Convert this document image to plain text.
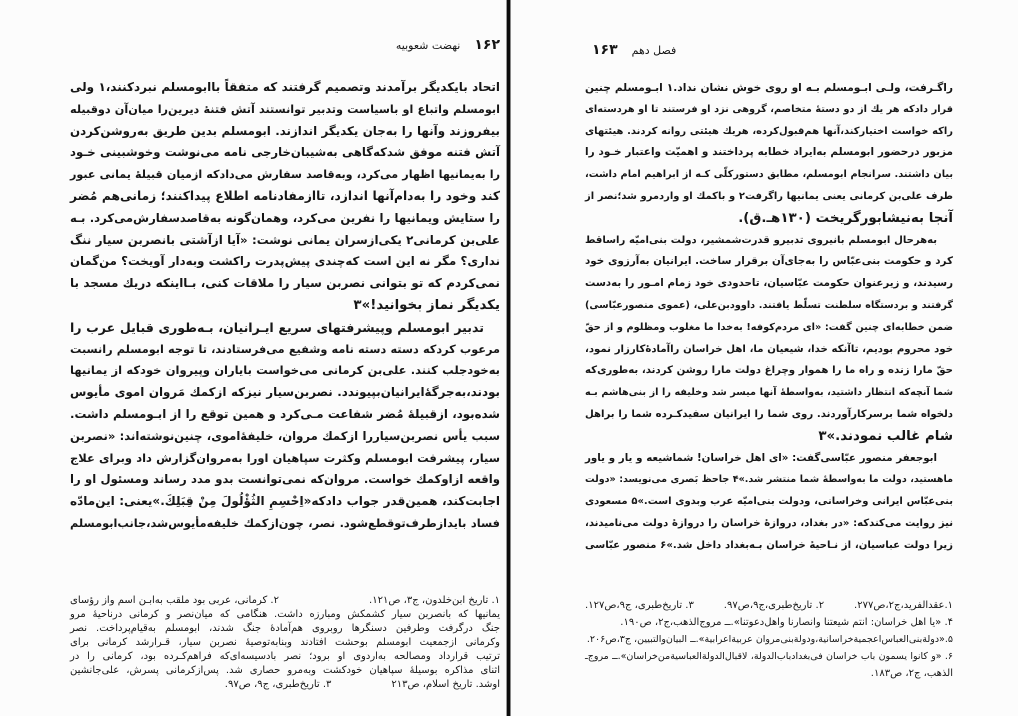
۱۶۲
نهضت شعوبیه
اتحاد بایکدیگر برآمدند وتصمیم گرفتند که متفقاً باابومسلم نبردکنند،۱ ولی
ابومسلم واتباع او باسیاست وتدبیر توانستند آتش فتنهٔ دیرین‌را میان‌آن دوقبیله
بیفروزند وآنها را به‌جان یکدیگر اندازند. ابومسلم بدین طریق به‌روشن‌کردن
آتش فتنه موفق شدکه‌گاهی به‌شیبان‌خارجی نامه می‌نوشت وخوشبینی خـود
را به‌یمانیها اظهار می‌کرد، وبه‌قاصد سفارش می‌دادکه ازمیان قبیلهٔ یمانی عبور
کند وخود را به‌دام‌آنها اندازد، تاازمفادنامه اطلاع پیداکنند؛ زمانی‌هم مُضر
را ستایش ویمانیها را نفرین می‌کرد، وهمان‌گونه به‌قاصدسفارش‌می‌کرد. بـه‌
علی‌بن کرمانی۲ یکی‌ازسران یمانی نوشت: «آیا ازآشتی بانصربن سیار ننگ
نداری؟ مگر نه این است که‌چندی پیش‌پدرت راکشت وبه‌دار آویخت؟ من‌گمان
نمی‌کردم که تو بتوانی نصربن سیار را ملاقات کنی، بـااینکه دریك مسجد با
یکدیگر نماز بخوانید!»۳
تدبیر ابومسلم وپیشرفتهای سریع ایـرانیان، بـه‌طوری قبایل عرب را
مرعوب کردکه دسته دسته نامه وشفیع می‌فرستادند، تا توجه ابومسلم رانسبت
به‌خودجلب کنند. علی‌بن کرمانی می‌خواست بایاران وپیروان خودکه از یمانیها
بودند،به‌جرگهٔ‌ایرانیان‌بپیوندد. نصربن‌سیار نیزکه ازکمك مَروان اموی مأیوس
شده‌بود، ازقبیلهٔ مُضر شفاعت مـی‌کرد و همین توقع را از ابـومسلم داشت.
سبب یأس نصربن‌سیاررا ازکمك مروان، خلیفهٔ‌اموی، چنین‌نوشته‌اند: «نصربن‌
سیار، پیشرفت ابومسلم وکثرت سپاهیان اورا به‌مروان‌گزارش داد وبرای علاج
واقعه ازاوکمك خواست. مروان‌که نمی‌توانست بدو مدد رساند ومسئول او را
اجابت‌کند، همین‌قدر جواب دادکه«اِحْسِمِ الثُؤْلُولَ مِنْ قِبَلِكَ.»یعنی: این‌مادّه
فساد بایدازطرف‌توقطع‌شود. نصر، چون‌ازکمك خلیفه‌مأیوس‌شد،جانب‌ابومسلم
۱. تاریخ ابن‌خلدون، ج۳، ص۱۲۱.
۲. کرمانی، عربی بود ملقب به‌ابـن اسم واز رؤسای
یمانیها که بانصربن سیار کشمکش ومبارزه داشت. هنگامی که میان‌نصر و کرمانی درناحیهٔ مرو
جنگ درگرفت وطرفین دسنگرها روبروی هم‌آمادهٔ جنگ شدند، ابومسلم به‌قیام‌پرداخت. نصر
وکرمانی ازجمعیت ابومسلم بوحشت افتادند وبنابه‌توصیهٔ نصربن سیار، قـرارشد کرمانی برای
ترتیب قرارداد ومصالحه به‌اردوی او برود؛ نصر بادسیسه‌ای‌که فراهم‌کـرده بود، کرمانی را در
اثنای مذاکره بوسیلهٔ سپاهیان خودکشت وبه‌مرو حصاری شد. پس‌ازکرمانی پسرش، علی‌جانشین
اوشد. تاریخ اسلام، ص۲۱۳
۳. تاریخ‌طبری، ج۹، ص۹۷.
۱۶۳ فصل دهم
راگـرفت، ولـی ابـومسلم بـه او روی خوش نشان نداد.۱ ابـومسلم چنین
قرار دادکه هر یك از دو دستهٔ متخاصم، گروهی نزد او فرستند تا او هردسته‌ای
راکه خواست اختیارکند،آنها هم‌قبول‌کرده، هریك هیئتی روانه کردند. هیئتهای
مزبور درحضور ابومسلم به‌ایراد خطابه پرداختند و اهمیّت واعتبار خـود را
بیان داشتند. سرانجام ابومسلم، مطابق دستورکلّی کـه از ابراهیم امام داشت،
طرف علی‌بن کرمانی یعنی یمانیها راگرفت۲ و باکمك او واردمرو شد؛نصر از
آنجا به‌نیشابورگریخت (۱۳۰هـ.ق).
به‌هرحال ابومسلم بانیروی تدبیرو قدرت‌شمشیر، دولت بنی‌امیّه راساقط
کرد و حکومت بنی‌عبّاس را به‌جای‌آن برقرار ساخت. ایرانیان به‌آرزوی خود
رسیدند، و زیرعنوان حکومت عبّاسیان، تاحدودی خود زمام امـور را به‌دست
گرفتند و بردستگاه سلطنت تسلّط یافتند. داوودبن‌علی، (عموی منصورعبّاسی)
ضمن خطابه‌ای چنین گفت: «ای مردم‌کوفه! به‌خدا ما مغلوب ومظلوم و از حقّ
خود محروم بودیم، تاآنکه خدا، شیعیان ما، اهل خراسان راآمادهٔ‌کارزار نمود،
حقّ مارا زنده و راه ما را هموار وچراغ دولت مارا روشن کردند، به‌طوری‌که
شما آنچه‌که انتظار داشتید، به‌واسطهٔ آنها میسر شد وخلیفه را از بنی‌هاشم بـه
دلخواه شما برسرکارآوردند. روی شما را ایرانیان سفیدکـرده شما را براهل
شام غالب نمودند.»۳
ابوجعفر منصور عبّاسی‌گفت: «ای اهل خراسان! شماشیعه و یار و یاور
ماهستید، دولت ما به‌واسطهٔ شما منتشر شد.»۴ جاحظ بَصری می‌نویسد: «دولت
بنی‌عبّاس ایرانی وخراسانی، ودولت بنی‌امیّه عرب وبدوی است.»۵ مسعودی
نیز روایت می‌کندکه: «در بغداد، دروازهٔ خراسان را دروازهٔ دولت می‌نامیدند،
زیرا دولت عباسیان، از نـاحیهٔ خراسان بـه‌بغداد داخل شد.»۶ منصور عبّاسی
۱.عقدالفرید،ج۲،ص۲۷۷.
۲. تاریخ‌طبری،ج۹،ص۹۷.
۳. تاریخ‌طبری، ج۹،ص۱۲۷.
۴. «یا اهل خراسان: انتم شیعتنا وانصارنا واهل‌دعوتنا».ــ مروج‌الذهب،ج۲، ص۱۹۰.
۵.«دولة‌بنی‌العباس‌اعجمیة‌خراسانیة،ودولة‌بنی‌مروان عربیة‌اعرابیة».ــ البیان‌والتبیین، ج۳،ص۲۰۶.
۶. «و کانوا یسمون باب خراسان فی‌بغداد‌باب‌الدولة، لاقبال‌الدولة‌العباسیة‌من‌خراسان».ــ مروج‌ـ
الذهب، ج۲، ص۱۸۳.
